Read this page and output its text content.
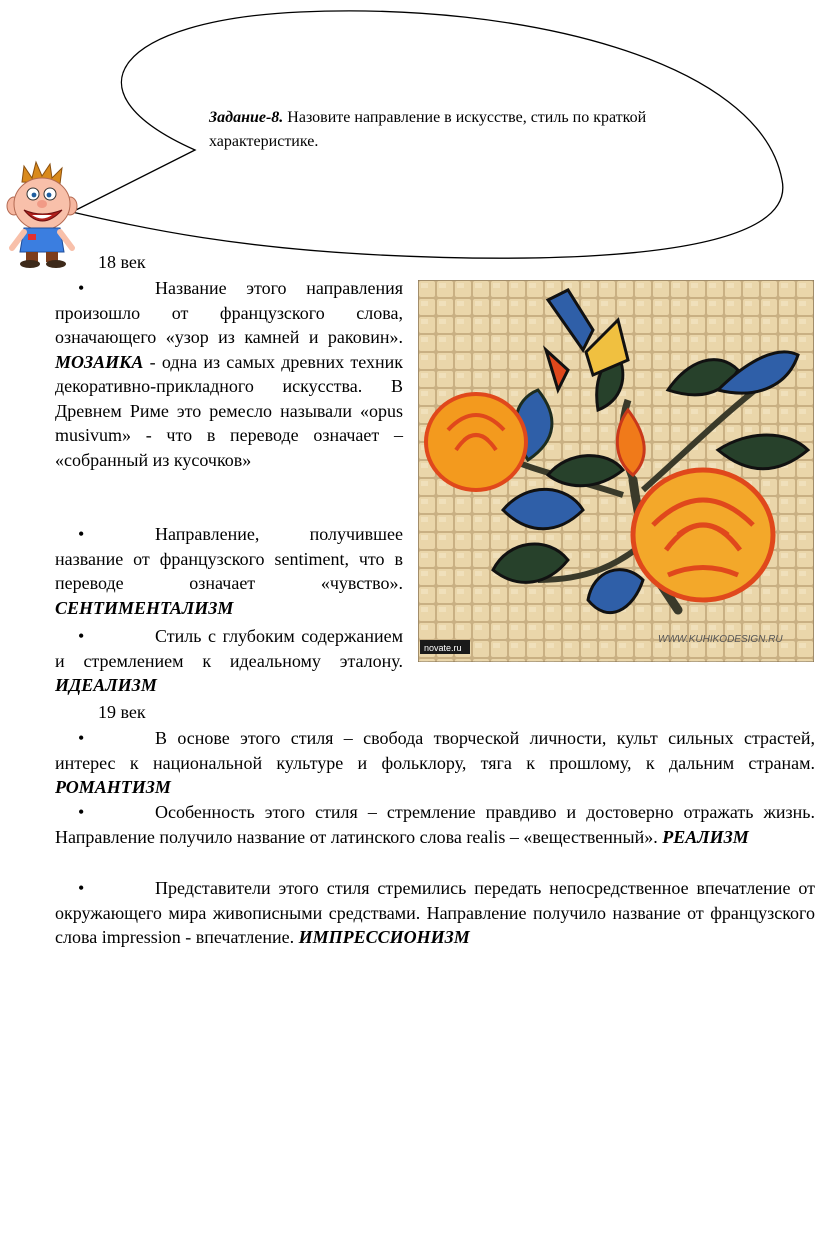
Задание-8. Назовите направление в искусстве, стиль по краткой характеристике.
18 век
•	Название этого направления произошло от французского слова, означающего «узор из камней и раковин». МОЗАИКА - одна из самых древних техник декоративно-прикладного искусства. В Древнем Риме это ремесло называли «opus musivum» - что в переводе означает – «собранный из кусочков»
•	Направление, получившее название от французского sentiment, что в переводе означает «чувство». СЕНТИМЕНТАЛИЗМ
•	Стиль с глубоким содержанием и стремлением к идеальному эталону. ИДЕАЛИЗМ
19 век
•	В основе этого стиля – свобода творческой личности, культ сильных страстей, интерес к национальной культуре и фольклору, тяга к прошлому, к дальним странам. РОМАНТИЗМ
•	Особенность этого стиля – стремление правдиво и достоверно отражать жизнь. Направление получило название от латинского слова realis – «вещественный». РЕАЛИЗМ
•	Представители этого стиля стремились передать непосредственное впечатление от окружающего мира живописными средствами. Направление получило название от французского слова impression - впечатление. ИМПРЕССИОНИЗМ
novate.ru
WWW.KUHIKODESIGN.RU
